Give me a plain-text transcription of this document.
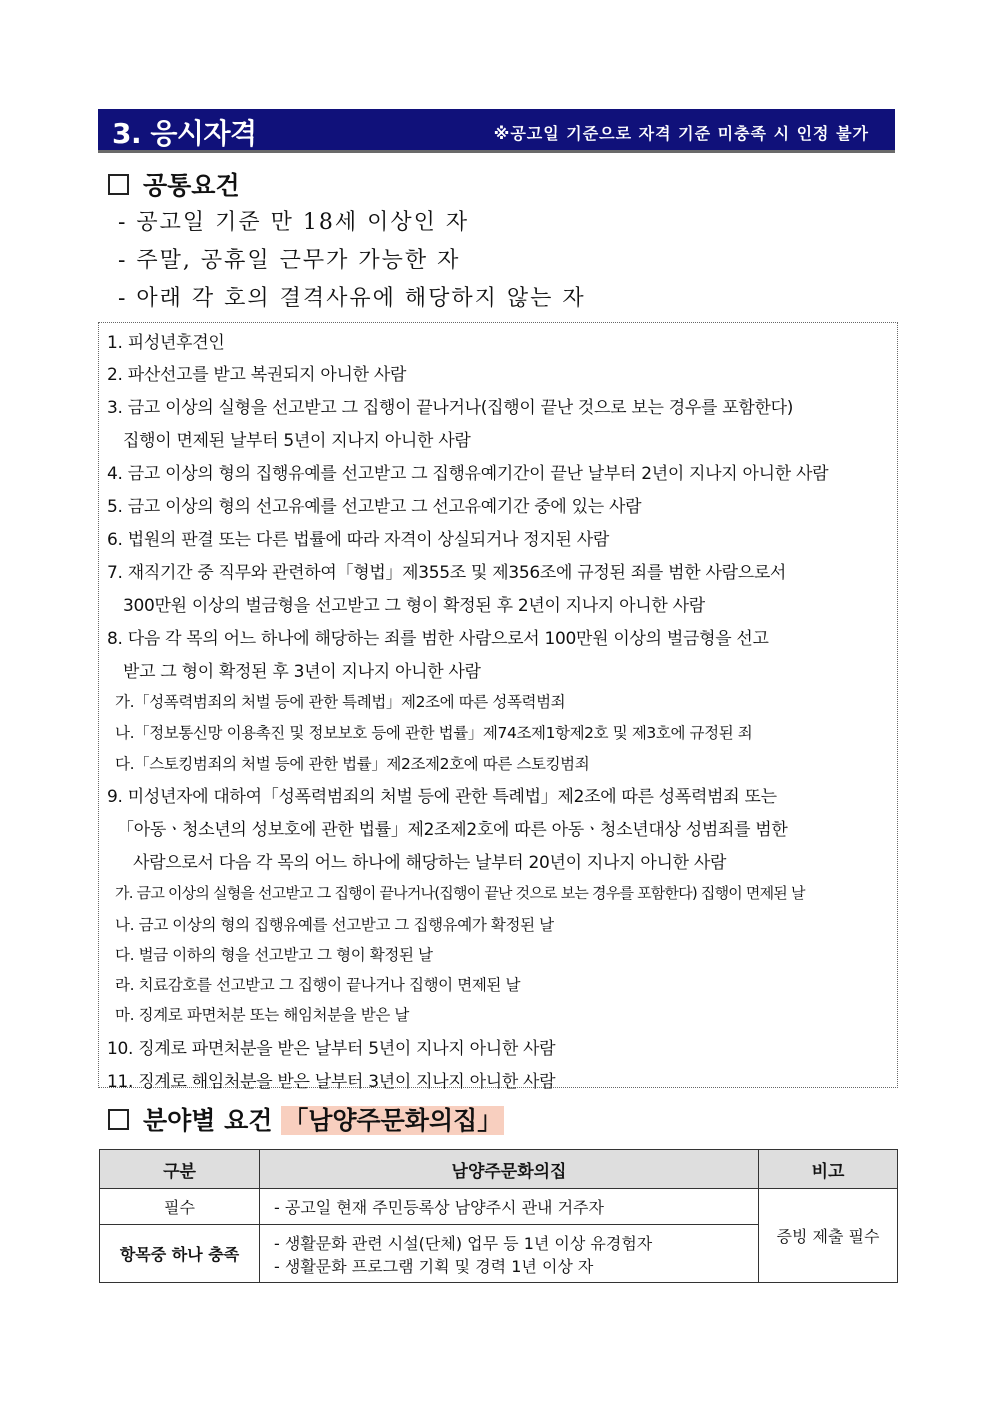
3. 응시자격	※공고일 기준으로 자격 기준 미충족 시 인정 불가
공통요건
- 공고일 기준 만 18세 이상인 자
- 주말, 공휴일 근무가 가능한 자
- 아래 각 호의 결격사유에 해당하지 않는 자
1. 피성년후견인
2. 파산선고를 받고 복권되지 아니한 사람
3. 금고 이상의 실형을 선고받고 그 집행이 끝나거나(집행이 끝난 것으로 보는 경우를 포함한다)
집행이 면제된 날부터 5년이 지나지 아니한 사람
4. 금고 이상의 형의 집행유예를 선고받고 그 집행유예기간이 끝난 날부터 2년이 지나지 아니한 사람
5. 금고 이상의 형의 선고유예를 선고받고 그 선고유예기간 중에 있는 사람
6. 법원의 판결 또는 다른 법률에 따라 자격이 상실되거나 정지된 사람
7. 재직기간 중 직무와 관련하여「형법」제355조 및 제356조에 규정된 죄를 범한 사람으로서
300만원 이상의 벌금형을 선고받고 그 형이 확정된 후 2년이 지나지 아니한 사람
8. 다음 각 목의 어느 하나에 해당하는 죄를 범한 사람으로서 100만원 이상의 벌금형을 선고
받고 그 형이 확정된 후 3년이 지나지 아니한 사람
가.「성폭력범죄의 처벌 등에 관한 특례법」제2조에 따른 성폭력범죄
나.「정보통신망 이용촉진 및 정보보호 등에 관한 법률」제74조제1항제2호 및 제3호에 규정된 죄
다.「스토킹범죄의 처벌 등에 관한 법률」제2조제2호에 따른 스토킹범죄
9. 미성년자에 대하여「성폭력범죄의 처벌 등에 관한 특례법」제2조에 따른 성폭력범죄 또는
「아동ㆍ청소년의 성보호에 관한 법률」제2조제2호에 따른 아동ㆍ청소년대상 성범죄를 범한
사람으로서 다음 각 목의 어느 하나에 해당하는 날부터 20년이 지나지 아니한 사람
가. 금고 이상의 실형을 선고받고 그 집행이 끝나거나(집행이 끝난 것으로 보는 경우를 포함한다) 집행이 면제된 날
나. 금고 이상의 형의 집행유예를 선고받고 그 집행유예가 확정된 날
다. 벌금 이하의 형을 선고받고 그 형이 확정된 날
라. 치료감호를 선고받고 그 집행이 끝나거나 집행이 면제된 날
마. 징계로 파면처분 또는 해임처분을 받은 날
10. 징계로 파면처분을 받은 날부터 5년이 지나지 아니한 사람
11. 징계로 해임처분을 받은 날부터 3년이 지나지 아니한 사람
분야별 요건 「남양주문화의집」
구분	남양주문화의집	비고
필수	- 공고일 현재 주민등록상 남양주시 관내 거주자	증빙 제출 필수
항목중 하나 충족	- 생활문화 관련 시설(단체) 업무 등 1년 이상 유경험자
- 생활문화 프로그램 기획 및 경력 1년 이상 자	
